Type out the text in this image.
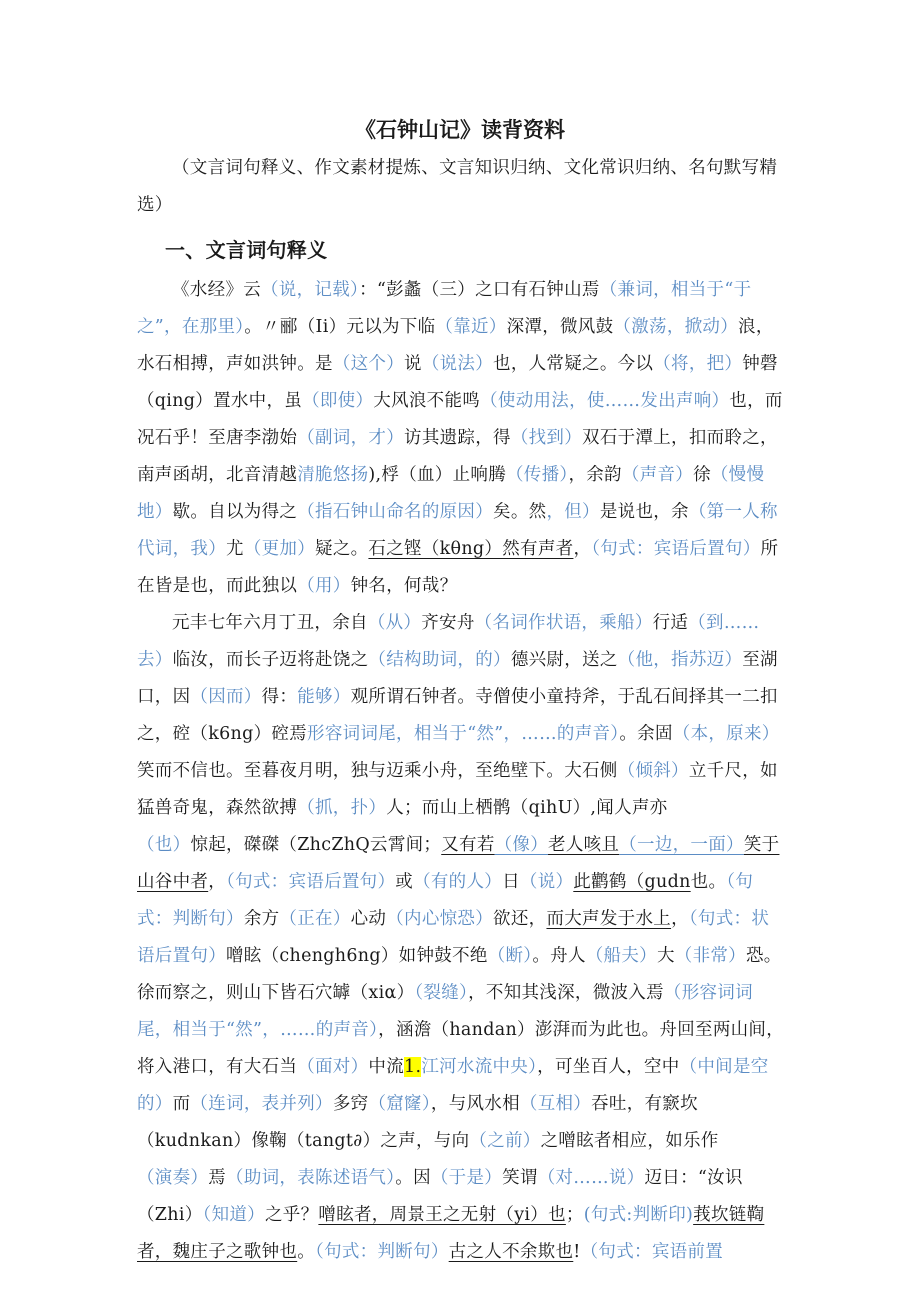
《石钟山记》读背资料

（文言词句释义、作文素材提炼、文言知识归纳、文化常识归纳、名句默写精选）

一、文言词句释义

《水经》云（说，记载）：“彭蠡（三）之口有石钟山焉（兼词，相当于“于之”，在那里）。〃郦（Ii）元以为下临（靠近）深潭，微风鼓（激荡，掀动）浪，水石相搏，声如洪钟。是（这个）说（说法）也，人常疑之。今以（将，把）钟磬（qing）置水中，虽（即使）大风浪不能鸣（使动用法，使……发出声响）也，而况石乎！至唐李渤始（副词，才）访其遗踪，得（找到）双石于潭上，扣而聆之，南声函胡，北音清越清脆悠扬),桴（血）止响腾（传播），余韵（声音）徐（慢慢地）歇。自以为得之（指石钟山命名的原因）矣。然，但）是说也，余（第一人称代词，我）尤（更加）疑之。石之铿（kθng）然有声者，（句式：宾语后置句）所在皆是也，而此独以（用）钟名，何哉？

元丰七年六月丁丑，余自（从）齐安舟（名词作状语，乘船）行适（到……去）临汝，而长子迈将赴饶之（结构助词，的）德兴尉，送之（他，指苏迈）至湖口，因（因而）得：能够）观所谓石钟者。寺僧使小童持斧，于乱石间择其一二扣之，硿（k6ng）硿焉形容词词尾，相当于“然”，……的声音）。余固（本，原来）笑而不信也。至暮夜月明，独与迈乘小舟，至绝壁下。大石侧（倾斜）立千尺，如猛兽奇鬼，森然欲搏（抓，扑）人；而山上栖鹘（qihU）,闻人声亦

（也）惊起，磔磔（ZhcZhQ云霄间；又有若（像）老人咳且（一边，一面）笑于山谷中者，（句式：宾语后置句）或（有的人）日（说）此鹳鹤（gudn也。（句式：判断句）余方（正在）心动（内心惊恐）欲还，而大声发于水上，（句式：状语后置句）噌眩（chengh6ng）如钟鼓不绝（断）。舟人（船夫）大（非常）恐。徐而察之，则山下皆石穴罅（xiα）（裂缝），不知其浅深，微波入焉（形容词词尾，相当于“然”，……的声音），涵澹（handan）澎湃而为此也。舟回至两山间，将入港口，有大石当（面对）中流1.江河水流中央），可坐百人，空中（中间是空的）而（连词，表并列）多窍（窟窿），与风水相（互相）吞吐，有窾坎（kudnkan）像鞠（tangt∂）之声，与向（之前）之噌眩者相应，如乐作（演奏）焉（助词，表陈述语气）。因（于是）笑谓（对……说）迈日：“汝识（Zhi）（知道）之乎？噌眩者，周景王之无射（yi）也；(句式:判断印)莪坎链鞫者，魏庄子之歌钟也。（句式：判断句）古之人不余欺也!（句式：宾语前置
